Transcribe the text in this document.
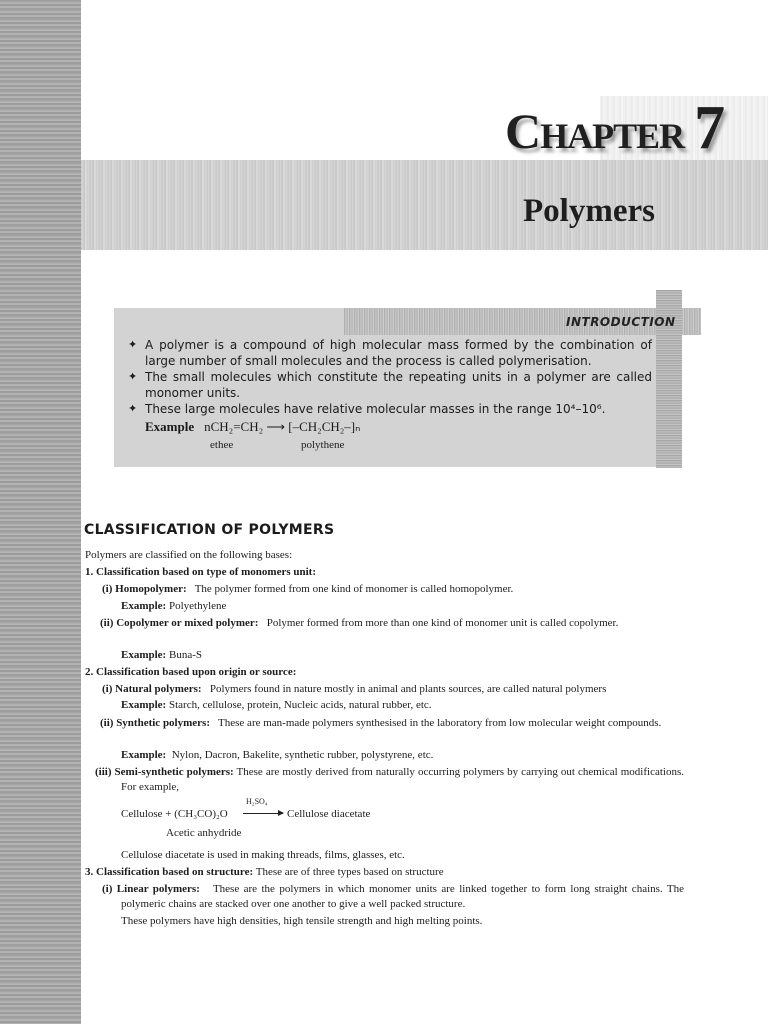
CHAPTER 7
Polymers
INTRODUCTION
✦ A polymer is a compound of high molecular mass formed by the combination of large number of small molecules and the process is called polymerisation.
✦ The small molecules which constitute the repeating units in a polymer are called monomer units.
✦ These large molecules have relative molecular masses in the range 10⁴–10⁶.
Example nCH₂=CH₂ ⟶ [–CH₂CH₂–]ₙ
ethee	polythene
CLASSIFICATION OF POLYMERS
Polymers are classified on the following bases:
1. Classification based on type of monomers unit:
(i) Homopolymer: The polymer formed from one kind of monomer is called homopolymer.
Example: Polyethylene
(ii) Copolymer or mixed polymer: Polymer formed from more than one kind of monomer unit is called copolymer.
Example: Buna-S
2. Classification based upon origin or source:
(i) Natural polymers: Polymers found in nature mostly in animal and plants sources, are called natural polymers
Example: Starch, cellulose, protein, Nucleic acids, natural rubber, etc.
(ii) Synthetic polymers: These are man-made polymers synthesised in the laboratory from low molecular weight compounds.
Example: Nylon, Dacron, Bakelite, synthetic rubber, polystyrene, etc.
(iii) Semi-synthetic polymers: These are mostly derived from naturally occurring polymers by carrying out chemical modifications. For example,
Cellulose + (CH₃CO)₂O
H₂SO₄
→ Cellulose diacetate
Acetic anhydride
Cellulose diacetate is used in making threads, films, glasses, etc.
3. Classification based on structure: These are of three types based on structure
(i) Linear polymers: These are the polymers in which monomer units are linked together to form long straight chains. The polymeric chains are stacked over one another to give a well packed structure.
These polymers have high densities, high tensile strength and high melting points.
